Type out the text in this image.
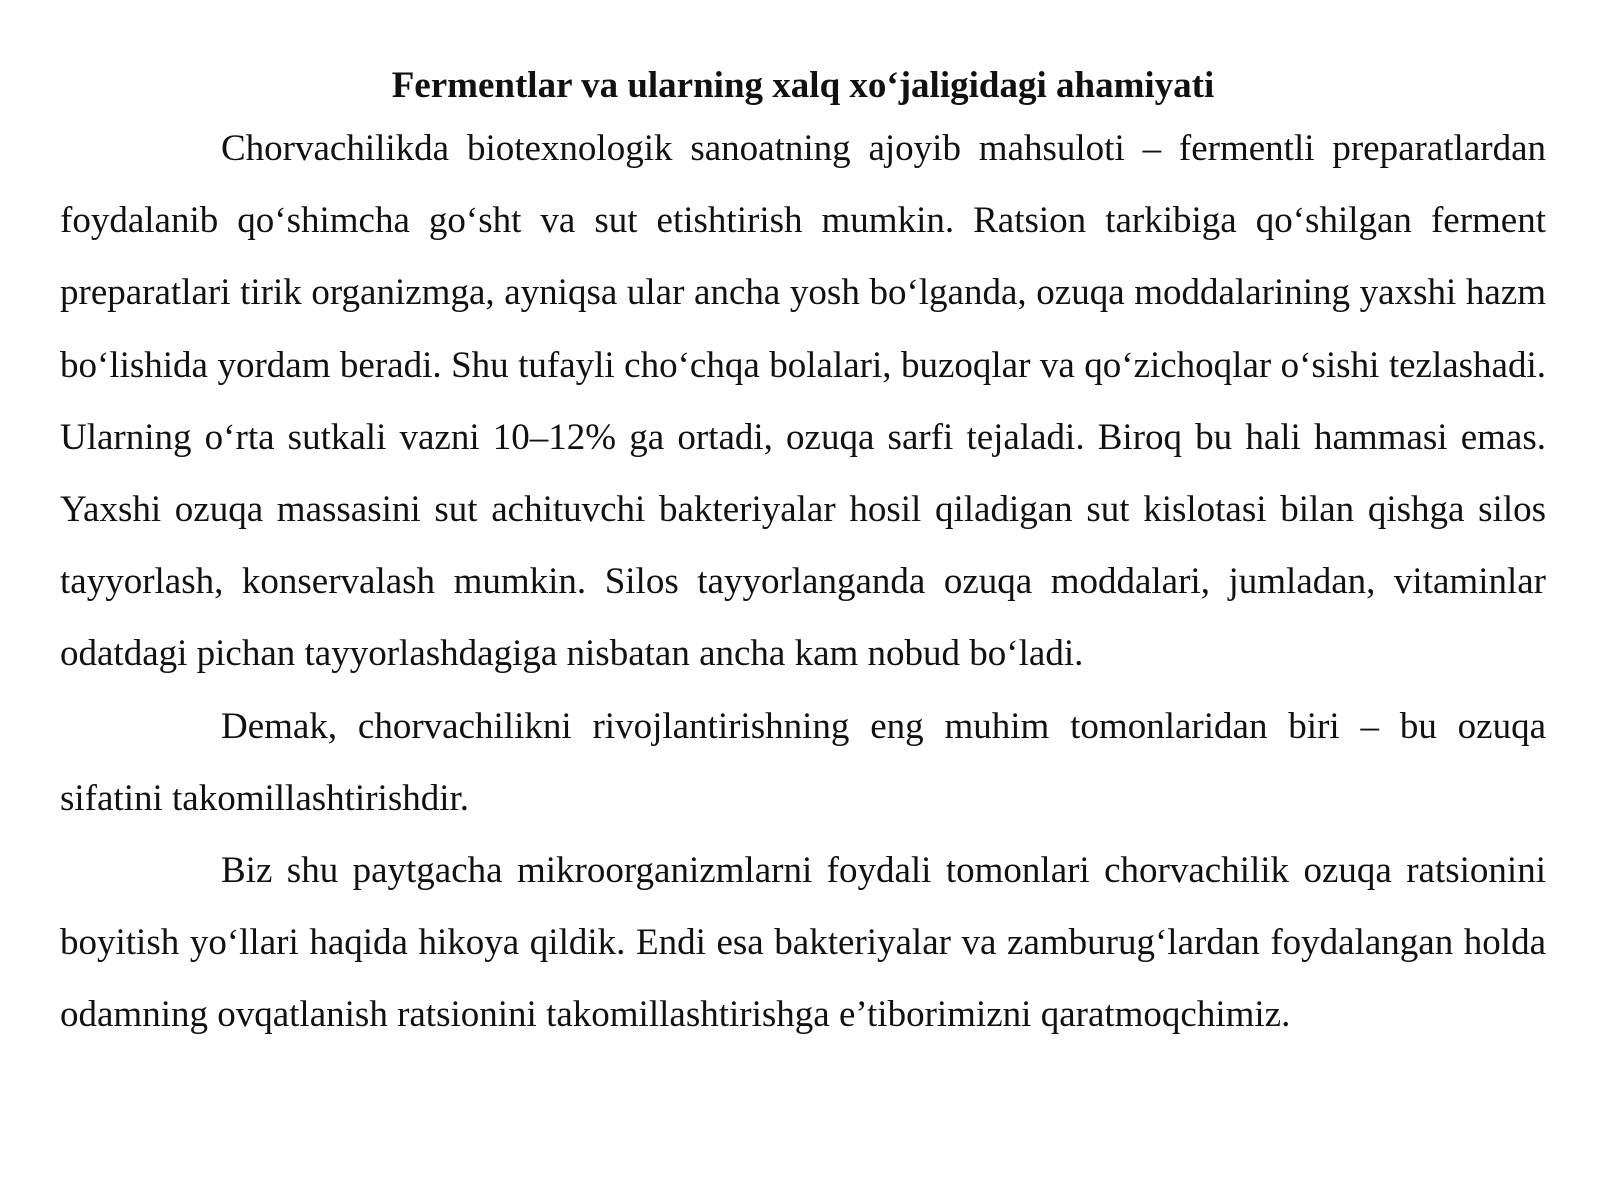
Fermentlar va ularning xalq xo‘jaligidagi ahamiyati

Chorvachilikda biotexnologik sanoatning ajoyib mahsuloti – fermentli preparatlardan foydalanib qo‘shimcha go‘sht va sut etishtirish mumkin. Ratsion tarkibiga qo‘shilgan ferment preparatlari tirik organizmga, ayniqsa ular ancha yosh bo‘lganda, ozuqa moddalarining yaxshi hazm bo‘lishida yordam beradi. Shu tufayli cho‘chqa bolalari, buzoqlar va qo‘zichoqlar o‘sishi tezlashadi. Ularning o‘rta sutkali vazni 10–12% ga ortadi, ozuqa sarfi tejaladi. Biroq bu hali hammasi emas. Yaxshi ozuqa massasini sut achituvchi bakteriyalar hosil qiladigan sut kislotasi bilan qishga silos tayyorlash, konservalash mumkin. Silos tayyorlanganda ozuqa moddalari, jumladan, vitaminlar odatdagi pichan tayyorlashdagiga nisbatan ancha kam nobud bo‘ladi.

Demak, chorvachilikni rivojlantirishning eng muhim tomonlaridan biri – bu ozuqa sifatini takomillashtirishdir.

Biz shu paytgacha mikroorganizmlarni foydali tomonlari chorvachilik ozuqa ratsionini boyitish yo‘llari haqida hikoya qildik. Endi esa bakteriyalar va zamburug‘lardan foydalangan holda odamning ovqatlanish ratsionini takomillashtirishga e’tiborimizni qaratmoqchimiz.
